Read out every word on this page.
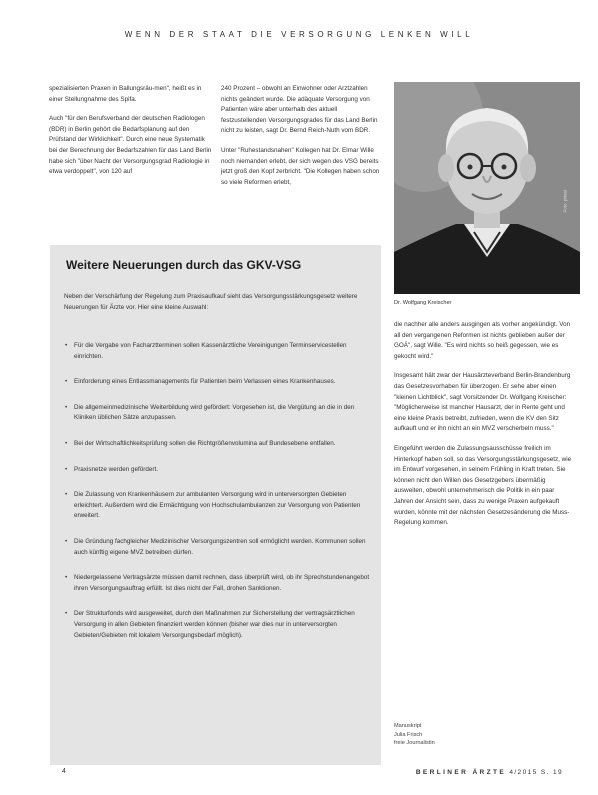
WENN DER STAAT DIE VERSORGUNG LENKEN WILL

spezialisierten Praxen in Ballungsräu-men", heißt es in einer Stellungnahme des Spifa.

Auch "für den Berufsverband der deutschen Radiologen (BDR) in Berlin gehört die Bedarfsplanung auf den Prüfstand der Wirklichkeit". Durch eine neue Systematik bei der Berechnung der Bedarfszahlen für das Land Berlin habe sich "über Nacht der Versorgungsgrad Radiologie in etwa verdoppelt", von 120 auf

240 Prozent – obwohl an Einwohner oder Arztzahlen nichts geändert wurde. Die adäquate Versorgung von Patienten wäre aber unterhalb des aktuell festzustellenden Versorgungsgrades für das Land Berlin nicht zu leisten, sagt Dr. Bernd Reich-Nuth vom BDR.

Unter "Ruhestandsnahen" Kollegen hat Dr. Elmar Wille noch niemanden erlebt, der sich wegen des VSG bereits jetzt groß den Kopf zerbricht. "Die Kollegen haben schon so viele Reformen erlebt,

Foto: privat
Dr. Wolfgang Kreischer
Weitere Neuerungen durch das GKV-VSG
Neben der Verschärfung der Regelung zum Praxisaufkauf sieht das Versorgungsstärkungsgesetz weitere Neuerungen für Ärzte vor. Hier eine kleine Auswahl:
• Für die Vergabe von Facharztterminen sollen Kassenärztliche Vereinigungen Terminservicestellen einrichten.
• Einforderung eines Entlassmanagements für Patienten beim Verlassen eines Krankenhauses.
• Die allgemeinmedizinische Weiterbildung wird gefördert: Vorgesehen ist, die Vergütung an die in den Kliniken üblichen Sätze anzupassen.
• Bei der Wirtschaftlichkeitsprüfung sollen die Richtgrößenvolumina auf Bundesebene entfallen.
• Praxisnetze werden gefördert.
• Die Zulassung von Krankenhäusern zur ambulanten Versorgung wird in unterversorgten Gebieten erleichtert. Außerdem wird die Ermächtigung von Hochschulambulanzen zur Versorgung von Patienten erweitert.
• Die Gründung fachgleicher Medizinischer Versorgungszentren soll ermöglicht werden. Kommunen sollen auch künftig eigene MVZ betreiben dürfen.
• Niedergelassene Vertragsärzte müssen damit rechnen, dass überprüft wird, ob ihr Sprechstundenangebot ihren Versorgungsauftrag erfüllt. Ist dies nicht der Fall, drohen Sanktionen.
• Der Strukturfonds wird ausgeweitet, durch den Maßnahmen zur Sicherstellung der vertragsärztlichen Versorgung in allen Gebieten finanziert werden können (bisher war dies nur in unterversorgten Gebieten/Gebieten mit lokalem Versorgungsbedarf möglich).

die nachher alle anders ausgingen als vorher angekündigt. Von all den vergangenen Reformen ist nichts geblieben außer der GOÄ", sagt Wille. "Es wird nichts so heiß gegessen, wie es gekocht wird."

Insgesamt hält zwar der Hausärzteverband Berlin-Brandenburg das Gesetzesvorhaben für überzogen. Er sehe aber einen "kleinen Lichtblick", sagt Vorsitzender Dr. Wolfgang Kreischer: "Möglicherweise ist mancher Hausarzt, der in Rente geht und eine kleine Praxis betreibt, zufrieden, wenn die KV den Sitz aufkauft und er ihn nicht an ein MVZ verscherbeln muss."

Eingeführt werden die Zulassungsausschüsse freilich im Hinterkopf haben soll, so das Versorgungsstärkungsgesetz, wie im Entwurf vorgesehen, in seinem Frühling in Kraft treten. Sie können nicht den Willen des Gesetzgebers übermäßig ausweiten, obwohl unternehmerisch die Politik in ein paar Jahren der Ansicht sein, dass zu wenige Praxen aufgekauft wurden, könnte mit der nächsten Gesetzesänderung die Muss-Regelung kommen.

Manuskript
Julia Frisch
freie Journalistin
4	BERLINER ÄRZTE 4/2015 S. 19
